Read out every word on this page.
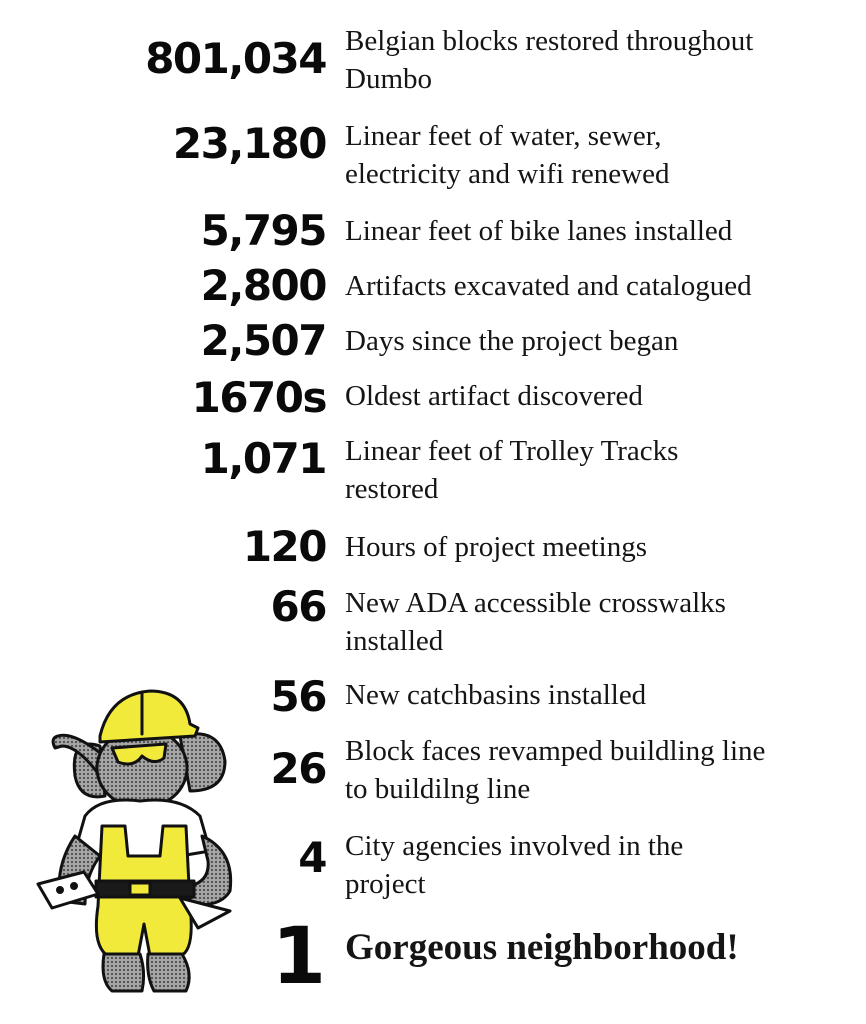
801,034 Belgian blocks restored throughout Dumbo
23,180 Linear feet of water, sewer, electricity and wifi renewed
5,795 Linear feet of bike lanes installed
2,800 Artifacts excavated and catalogued
2,507 Days since the project began
1670s Oldest artifact discovered
1,071 Linear feet of Trolley Tracks restored
120 Hours of project meetings
66 New ADA accessible crosswalks installed
56 New catchbasins installed
26 Block faces revamped buildling line to buildilng line
4 City agencies involved in the project
1 Gorgeous neighborhood!
